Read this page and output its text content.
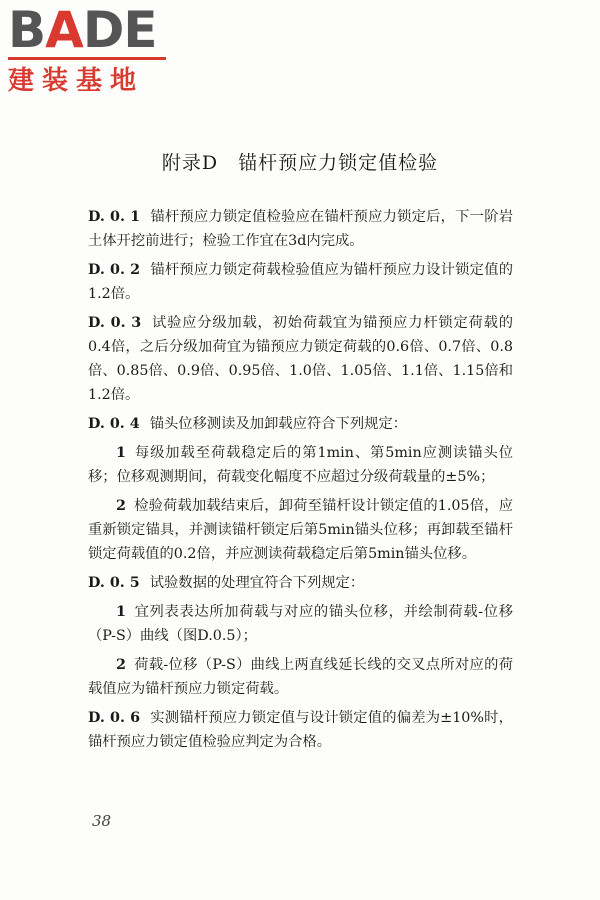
BADE
建装基地
附录D　锚杆预应力锁定值检验

D. 0. 1 锚杆预应力锁定值检验应在锚杆预应力锁定后，下一阶岩土体开挖前进行；检验工作宜在3d内完成。

D. 0. 2 锚杆预应力锁定荷载检验值应为锚杆预应力设计锁定值的1.2倍。

D. 0. 3 试验应分级加载，初始荷载宜为锚预应力杆锁定荷载的0.4倍，之后分级加荷宜为锚预应力锁定荷载的0.6倍、0.7倍、0.8倍、0.85倍、0.9倍、0.95倍、1.0倍、1.05倍、1.1倍、1.15倍和1.2倍。

D. 0. 4 锚头位移测读及加卸载应符合下列规定：

1 每级加载至荷载稳定后的第1min、第5min应测读锚头位移；位移观测期间，荷载变化幅度不应超过分级荷载量的±5%；

2 检验荷载加载结束后，卸荷至锚杆设计锁定值的1.05倍，应重新锁定锚具，并测读锚杆锁定后第5min锚头位移；再卸载至锚杆锁定荷载值的0.2倍，并应测读荷载稳定后第5min锚头位移。

D. 0. 5 试验数据的处理宜符合下列规定：

1 宜列表表达所加荷载与对应的锚头位移，并绘制荷载-位移（P-S）曲线（图D.0.5）；

2 荷载-位移（P-S）曲线上两直线延长线的交叉点所对应的荷载值应为锚杆预应力锁定荷载。

D. 0. 6 实测锚杆预应力锁定值与设计锁定值的偏差为±10%时，锚杆预应力锁定值检验应判定为合格。

38
